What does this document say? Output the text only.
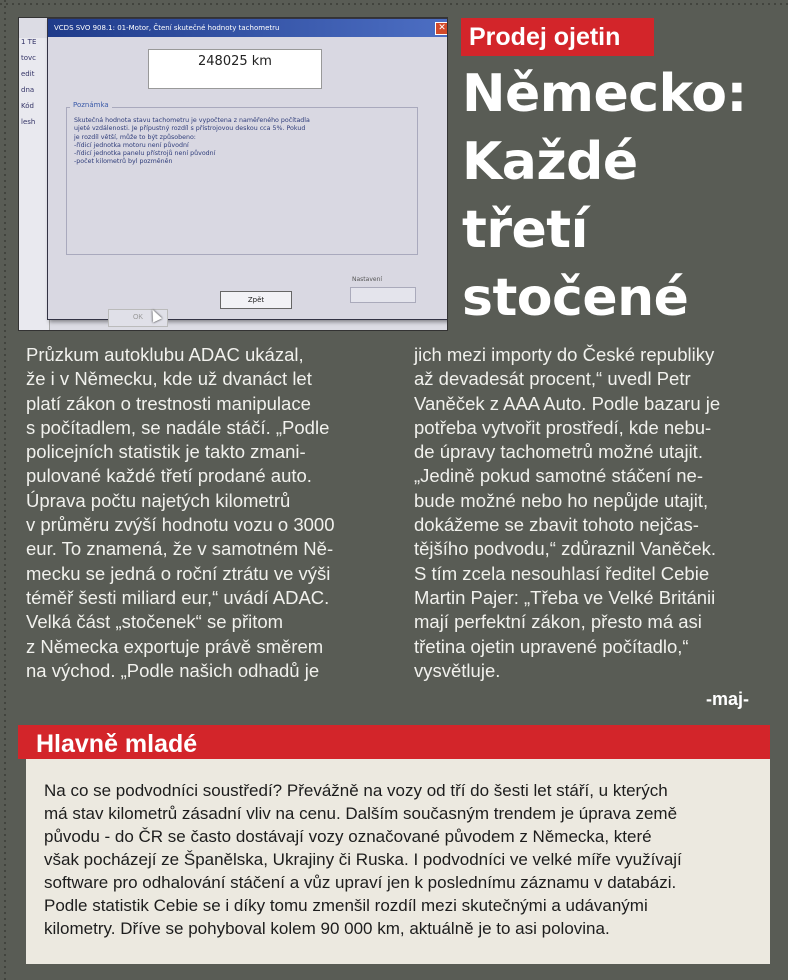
1 TE
tovc
edit
dna
Kód
lesh
VCDS SVO 908.1: 01-Motor, Čtení skutečné hodnoty tachometru	✕
248025 km
Poznámka
Skutečná hodnota stavu tachometru je vypočtena z naměřeného počítadla
ujeté vzdálenosti. Je přípustný rozdíl s přístrojovou deskou cca 5%. Pokud
je rozdíl větší, může to být způsobeno:
-řídicí jednotka motoru není původní
-řídicí jednotka panelu přístrojů není původní
-počet kilometrů byl pozměněn
Nastavení
OK
Zpět
Prodej ojetin
Německo:
Každé
třetí
stočené
Průzkum autoklubu ADAC ukázal,
že i v Německu, kde už dvanáct let
platí zákon o trestnosti manipulace
s počítadlem, se nadále stáčí. „Podle
policejních statistik je takto zmani-
pulované každé třetí prodané auto.
Úprava počtu najetých kilometrů
v průměru zvýší hodnotu vozu o 3000
eur. To znamená, že v samotném Ně-
mecku se jedná o roční ztrátu ve výši
téměř šesti miliard eur,“ uvádí ADAC.
Velká část „stočenek“ se přitom
z Německa exportuje právě směrem
na východ. „Podle našich odhadů je
jich mezi importy do České republiky
až devadesát procent,“ uvedl Petr
Vaněček z AAA Auto. Podle bazaru je
potřeba vytvořit prostředí, kde nebu-
de úpravy tachometrů možné utajit.
„Jedině pokud samotné stáčení ne-
bude možné nebo ho nepůjde utajit,
dokážeme se zbavit tohoto nejčas-
tějšího podvodu,“ zdůraznil Vaněček.
S tím zcela nesouhlasí ředitel Cebie
Martin Pajer: „Třeba ve Velké Británii
mají perfektní zákon, přesto má asi
třetina ojetin upravené počítadlo,“
vysvětluje.
-maj-
Hlavně mladé
Na co se podvodníci soustředí? Převážně na vozy od tří do šesti let stáří, u kterých
má stav kilometrů zásadní vliv na cenu. Dalším současným trendem je úprava země
původu - do ČR se často dostávají vozy označované původem z Německa, které
však pocházejí ze Španělska, Ukrajiny či Ruska. I podvodníci ve velké míře využívají
software pro odhalování stáčení a vůz upraví jen k poslednímu záznamu v databázi.
Podle statistik Cebie se i díky tomu zmenšil rozdíl mezi skutečnými a udávanými
kilometry. Dříve se pohyboval kolem 90 000 km, aktuálně je to asi polovina.
